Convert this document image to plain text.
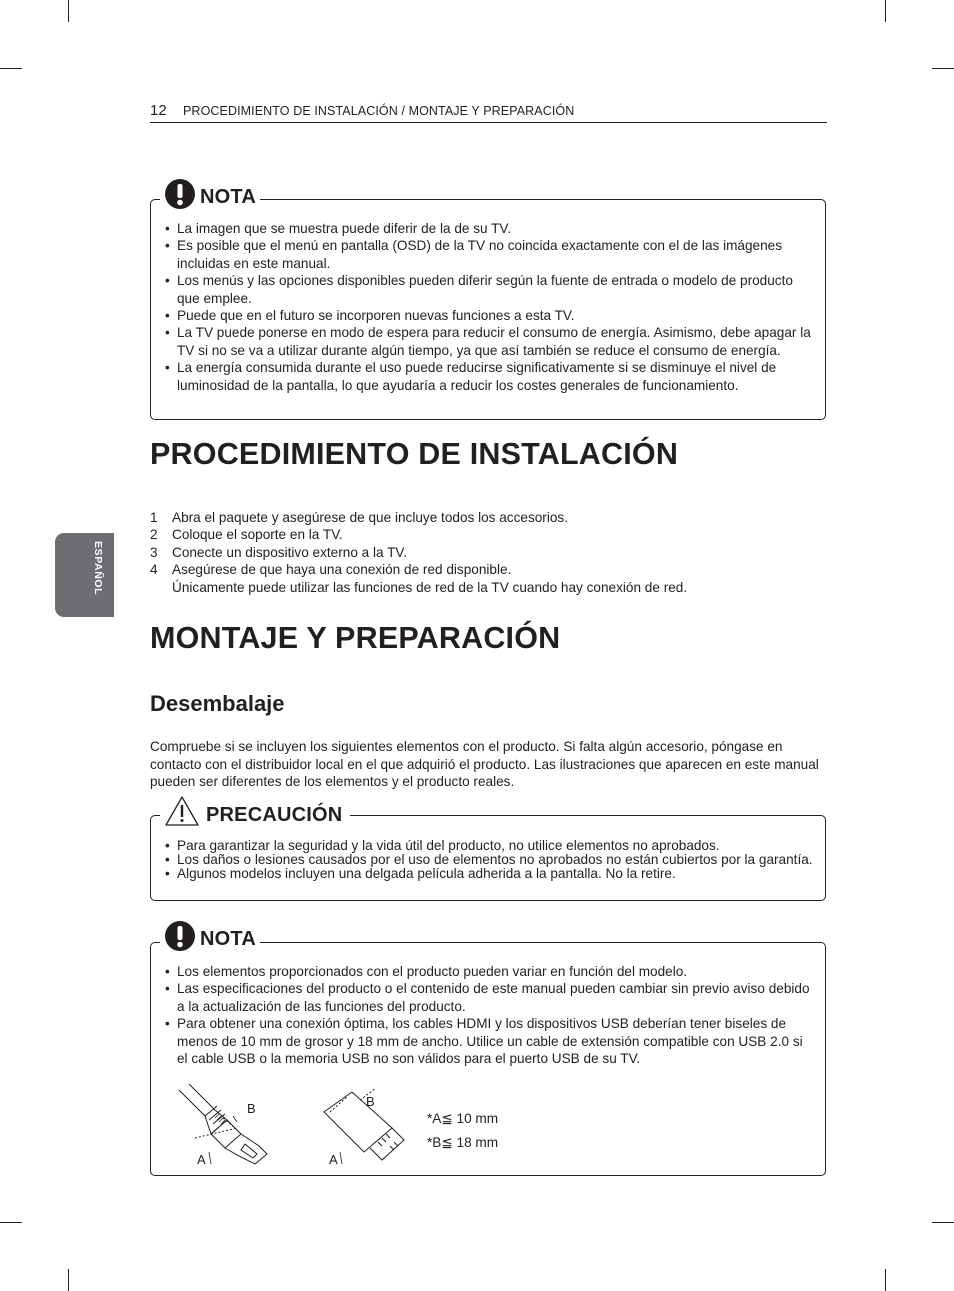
12 PROCEDIMIENTO DE INSTALACIÓN / MONTAJE Y PREPARACIÓN
ESPAÑOL
• La imagen que se muestra puede diferir de la de su TV.
• Es posible que el menú en pantalla (OSD) de la TV no coincida exactamente con el de las imágenes incluidas en este manual.
• Los menús y las opciones disponibles pueden diferir según la fuente de entrada o modelo de producto que emplee.
• Puede que en el futuro se incorporen nuevas funciones a esta TV.
• La TV puede ponerse en modo de espera para reducir el consumo de energía. Asimismo, debe apagar la TV si no se va a utilizar durante algún tiempo, ya que así también se reduce el consumo de energía.
• La energía consumida durante el uso puede reducirse significativamente si se disminuye el nivel de luminosidad de la pantalla, lo que ayudaría a reducir los costes generales de funcionamiento.
NOTA
PROCEDIMIENTO DE INSTALACIÓN
1 Abra el paquete y asegúrese de que incluye todos los accesorios.
2 Coloque el soporte en la TV.
3 Conecte un dispositivo externo a la TV.
4 Asegúrese de que haya una conexión de red disponible.
Únicamente puede utilizar las funciones de red de la TV cuando hay conexión de red.
MONTAJE Y PREPARACIÓN
Desembalaje

Compruebe si se incluyen los siguientes elementos con el producto. Si falta algún accesorio, póngase en contacto con el distribuidor local en el que adquirió el producto. Las ilustraciones que aparecen en este manual pueden ser diferentes de los elementos y el producto reales.

• Para garantizar la seguridad y la vida útil del producto, no utilice elementos no aprobados.
• Los daños o lesiones causados por el uso de elementos no aprobados no están cubiertos por la garantía.
• Algunos modelos incluyen una delgada película adherida a la pantalla. No la retire.
PRECAUCIÓN
• Los elementos proporcionados con el producto pueden variar en función del modelo.
• Las especificaciones del producto o el contenido de este manual pueden cambiar sin previo aviso debido a la actualización de las funciones del producto.
• Para obtener una conexión óptima, los cables HDMI y los dispositivos USB deberían tener biseles de menos de 10 mm de grosor y 18 mm de ancho. Utilice un cable de extensión compatible con USB 2.0 si el cable USB o la memoria USB no son válidos para el puerto USB de su TV.
NOTA
B
A
B
A
*A≦ 10 mm
*B≦ 18 mm
